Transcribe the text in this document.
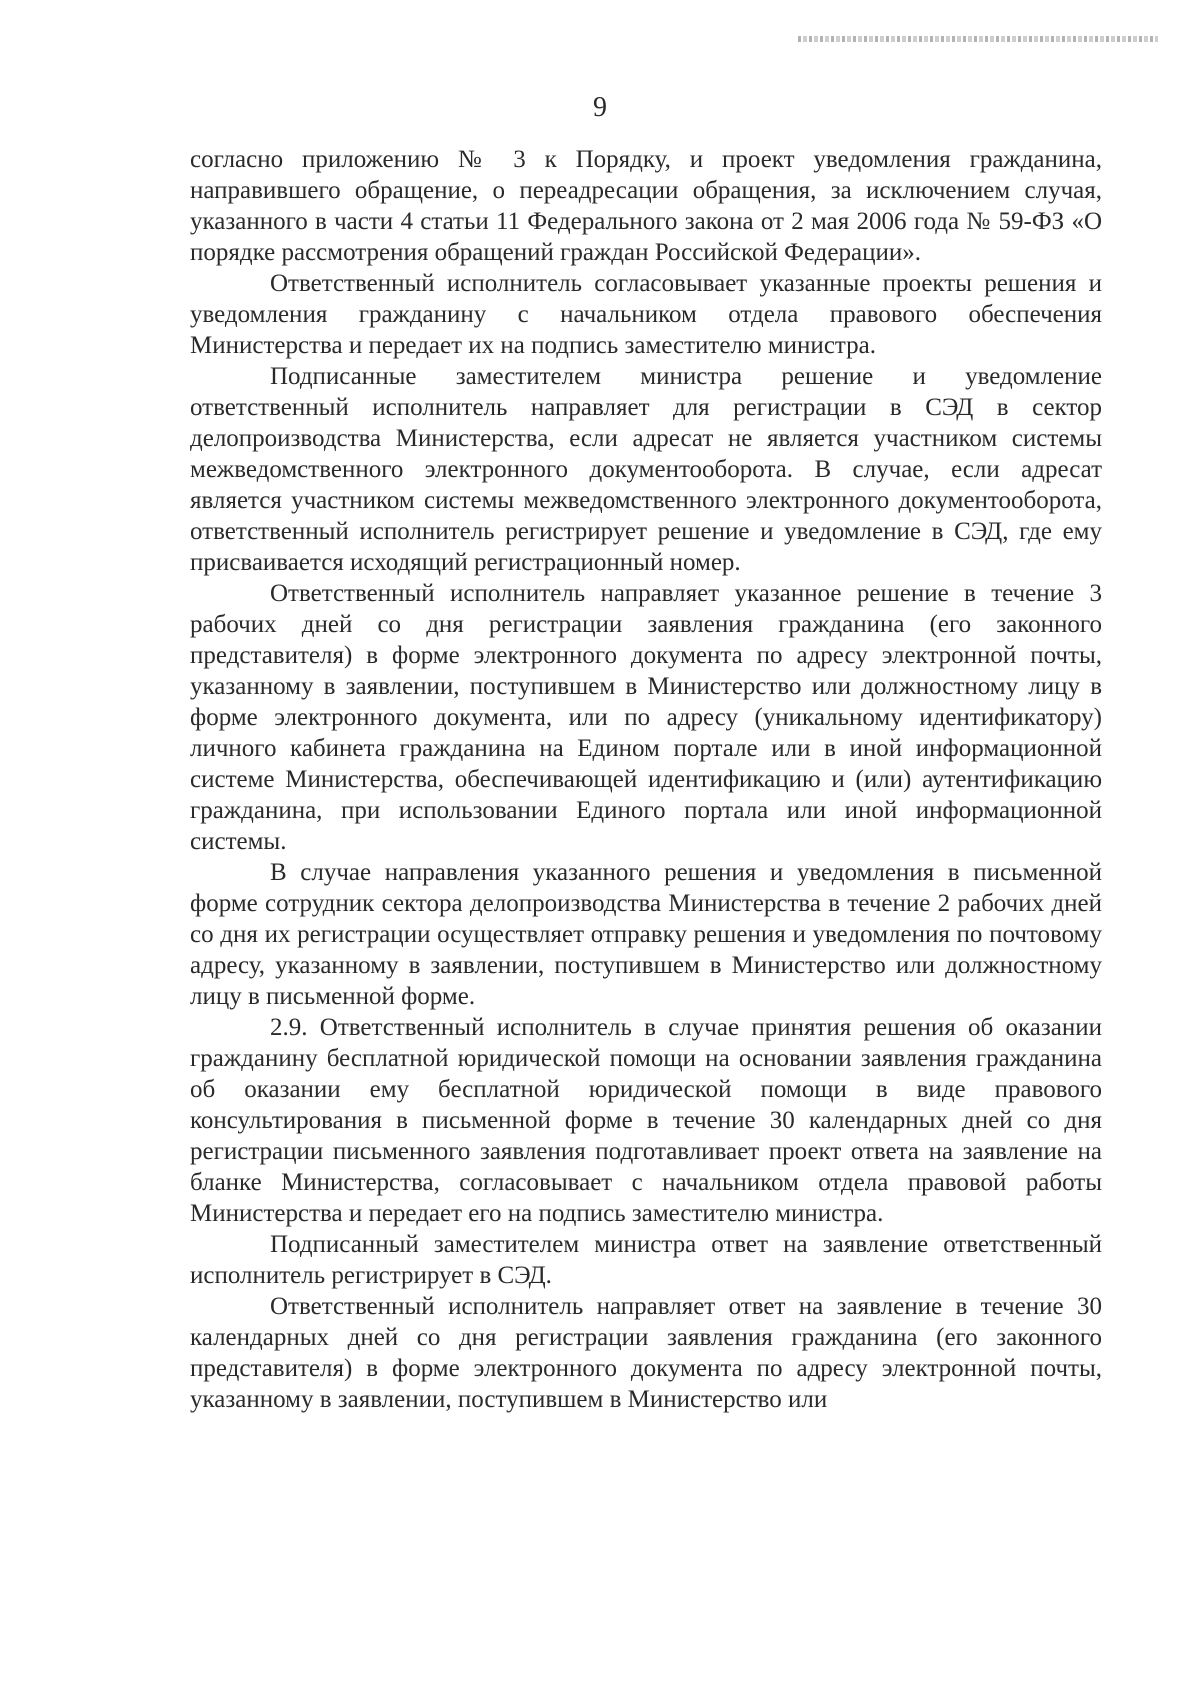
9

согласно приложению № 3 к Порядку, и проект уведомления гражданина, направившего обращение, о переадресации обращения, за исключением случая, указанного в части 4 статьи 11 Федерального закона от 2 мая 2006 года № 59-ФЗ «О порядке рассмотрения обращений граждан Российской Федерации».

Ответственный исполнитель согласовывает указанные проекты решения и уведомления гражданину с начальником отдела правового обеспечения Министерства и передает их на подпись заместителю министра.

Подписанные заместителем министра решение и уведомление ответственный исполнитель направляет для регистрации в СЭД в сектор делопроизводства Министерства, если адресат не является участником системы межведомственного электронного документооборота. В случае, если адресат является участником системы межведомственного электронного документооборота, ответственный исполнитель регистрирует решение и уведомление в СЭД, где ему присваивается исходящий регистрационный номер.

Ответственный исполнитель направляет указанное решение в течение 3 рабочих дней со дня регистрации заявления гражданина (его законного представителя) в форме электронного документа по адресу электронной почты, указанному в заявлении, поступившем в Министерство или должностному лицу в форме электронного документа, или по адресу (уникальному идентификатору) личного кабинета гражданина на Едином портале или в иной информационной системе Министерства, обеспечивающей идентификацию и (или) аутентификацию гражданина, при использовании Единого портала или иной информационной системы.

В случае направления указанного решения и уведомления в письменной форме сотрудник сектора делопроизводства Министерства в течение 2 рабочих дней со дня их регистрации осуществляет отправку решения и уведомления по почтовому адресу, указанному в заявлении, поступившем в Министерство или должностному лицу в письменной форме.

2.9. Ответственный исполнитель в случае принятия решения об оказании гражданину бесплатной юридической помощи на основании заявления гражданина об оказании ему бесплатной юридической помощи в виде правового консультирования в письменной форме в течение 30 календарных дней со дня регистрации письменного заявления подготавливает проект ответа на заявление на бланке Министерства, согласовывает с начальником отдела правовой работы Министерства и передает его на подпись заместителю министра.

Подписанный заместителем министра ответ на заявление ответственный исполнитель регистрирует в СЭД.

Ответственный исполнитель направляет ответ на заявление в течение 30 календарных дней со дня регистрации заявления гражданина (его законного представителя) в форме электронного документа по адресу электронной почты, указанному в заявлении, поступившем в Министерство или
